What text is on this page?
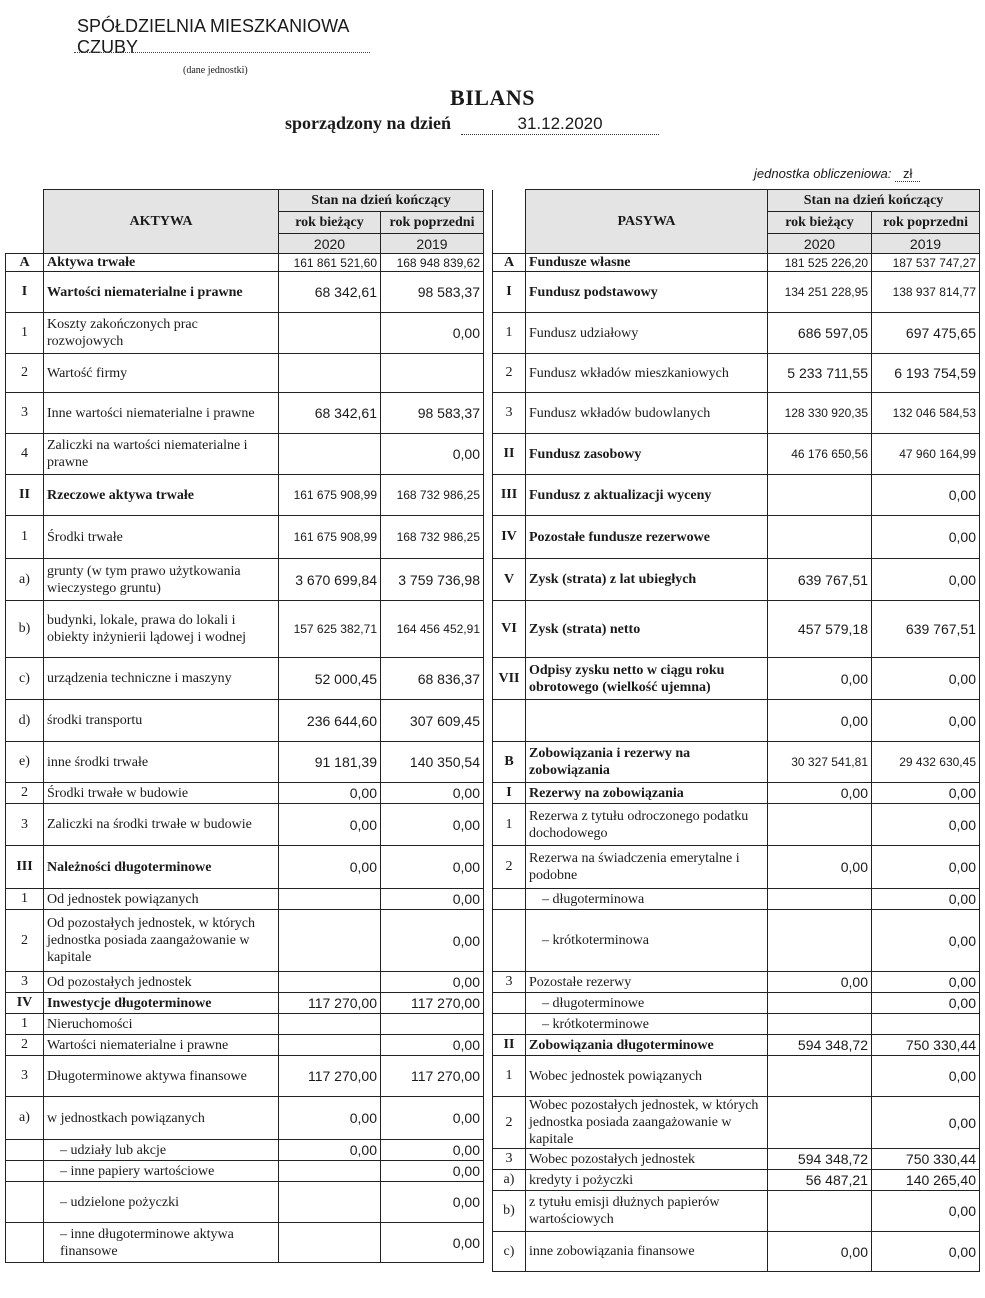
SPÓŁDZIELNIA MIESZKANIOWA
CZUBY
(dane jednostki)
BILANS
sporządzony na dzień	31.12.2020
jednostka obliczeniowa: zł
	AKTYWA	Stan na dzień kończący	
		rok bieżący	rok poprzedni
		2020	2019
A	Aktywa trwałe	161 861 521,60	168 948 839,62
I	Wartości niematerialne i prawne	68 342,61	98 583,37
1	Koszty zakończonych prac rozwojowych		0,00
2	Wartość firmy		
3	Inne wartości niematerialne i prawne	68 342,61	98 583,37
4	Zaliczki na wartości niematerialne i prawne		0,00
II	Rzeczowe aktywa trwałe	161 675 908,99	168 732 986,25
1	Środki trwałe	161 675 908,99	168 732 986,25
a)	grunty (w tym prawo użytkowania wieczystego gruntu)	3 670 699,84	3 759 736,98
b)	budynki, lokale, prawa do lokali i obiekty inżynierii lądowej i wodnej	157 625 382,71	164 456 452,91
c)	urządzenia techniczne i maszyny	52 000,45	68 836,37
d)	środki transportu	236 644,60	307 609,45
e)	inne środki trwałe	91 181,39	140 350,54
2	Środki trwałe w budowie	0,00	0,00
3	Zaliczki na środki trwałe w budowie	0,00	0,00
III	Należności długoterminowe	0,00	0,00
1	Od jednostek powiązanych		0,00
2	Od pozostałych jednostek, w których jednostka posiada zaangażowanie w kapitale		0,00
3	Od pozostałych jednostek		0,00
IV	Inwestycje długoterminowe	117 270,00	117 270,00
1	Nieruchomości		
2	Wartości niematerialne i prawne		0,00
3	Długoterminowe aktywa finansowe	117 270,00	117 270,00
a)	w jednostkach powiązanych	0,00	0,00
	– udziały lub akcje	0,00	0,00
	– inne papiery wartościowe		0,00
	– udzielone pożyczki		0,00
	– inne długoterminowe aktywa finansowe		0,00
	PASYWA	Stan na dzień kończący	
		rok bieżący	rok poprzedni
		2020	2019
A	Fundusze własne	181 525 226,20	187 537 747,27
I	Fundusz podstawowy	134 251 228,95	138 937 814,77
1	Fundusz udziałowy	686 597,05	697 475,65
2	Fundusz wkładów mieszkaniowych	5 233 711,55	6 193 754,59
3	Fundusz wkładów budowlanych	128 330 920,35	132 046 584,53
II	Fundusz zasobowy	46 176 650,56	47 960 164,99
III	Fundusz z aktualizacji wyceny		0,00
IV	Pozostałe fundusze rezerwowe		0,00
V	Zysk (strata) z lat ubiegłych	639 767,51	0,00
VI	Zysk (strata) netto	457 579,18	639 767,51
VII	Odpisy zysku netto w ciągu roku obrotowego (wielkość ujemna)	0,00	0,00
		0,00	0,00
B	Zobowiązania i rezerwy na zobowiązania	30 327 541,81	29 432 630,45
I	Rezerwy na zobowiązania	0,00	0,00
1	Rezerwa z tytułu odroczonego podatku dochodowego		0,00
2	Rezerwa na świadczenia emerytalne i podobne	0,00	0,00
	– długoterminowa		0,00
	– krótkoterminowa		0,00
3	Pozostałe rezerwy	0,00	0,00
	– długoterminowe		0,00
	– krótkoterminowe		
II	Zobowiązania długoterminowe	594 348,72	750 330,44
1	Wobec jednostek powiązanych		0,00
2	Wobec pozostałych jednostek, w których jednostka posiada zaangażowanie w kapitale		0,00
3	Wobec pozostałych jednostek	594 348,72	750 330,44
a)	kredyty i pożyczki	56 487,21	140 265,40
b)	z tytułu emisji dłużnych papierów wartościowych		0,00
c)	inne zobowiązania finansowe	0,00	0,00
